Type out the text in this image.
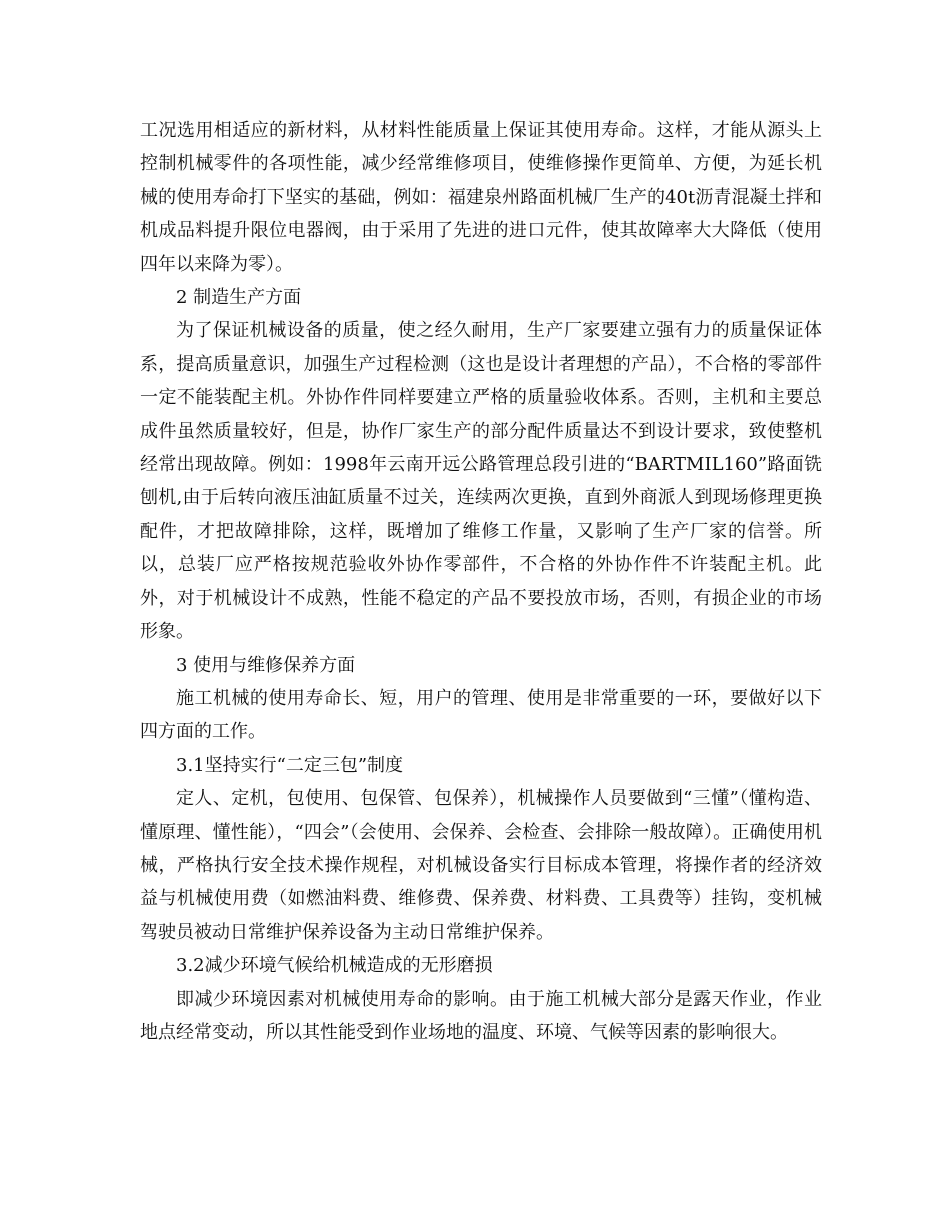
工况选用相适应的新材料，从材料性能质量上保证其使用寿命。这样，才能从源头上控制机械零件的各项性能，减少经常维修项目，使维修操作更简单、方便，为延长机械的使用寿命打下坚实的基础，例如：福建泉州路面机械厂生产的40t沥青混凝土拌和机成品料提升限位电器阀，由于采用了先进的进口元件，使其故障率大大降低（使用四年以来降为零）。

2 制造生产方面

为了保证机械设备的质量，使之经久耐用，生产厂家要建立强有力的质量保证体系，提高质量意识，加强生产过程检测（这也是设计者理想的产品），不合格的零部件一定不能装配主机。外协作件同样要建立严格的质量验收体系。否则，主机和主要总成件虽然质量较好，但是，协作厂家生产的部分配件质量达不到设计要求，致使整机经常出现故障。例如：1998年云南开远公路管理总段引进的“BARTMIL160”路面铣刨机,由于后转向液压油缸质量不过关，连续两次更换，直到外商派人到现场修理更换配件，才把故障排除，这样，既增加了维修工作量，又影响了生产厂家的信誉。所以，总装厂应严格按规范验收外协作零部件，不合格的外协作件不许装配主机。此外，对于机械设计不成熟，性能不稳定的产品不要投放市场，否则，有损企业的市场形象。

3 使用与维修保养方面

施工机械的使用寿命长、短，用户的管理、使用是非常重要的一环，要做好以下四方面的工作。

3.1坚持实行“二定三包”制度

定人、定机，包使用、包保管、包保养），机械操作人员要做到“三懂”（懂构造、懂原理、懂性能），“四会”（会使用、会保养、会检查、会排除一般故障）。正确使用机械，严格执行安全技术操作规程，对机械设备实行目标成本管理，将操作者的经济效益与机械使用费（如燃油料费、维修费、保养费、材料费、工具费等）挂钩，变机械驾驶员被动日常维护保养设备为主动日常维护保养。

3.2减少环境气候给机械造成的无形磨损

即减少环境因素对机械使用寿命的影响。由于施工机械大部分是露天作业，作业地点经常变动，所以其性能受到作业场地的温度、环境、气候等因素的影响很大。
